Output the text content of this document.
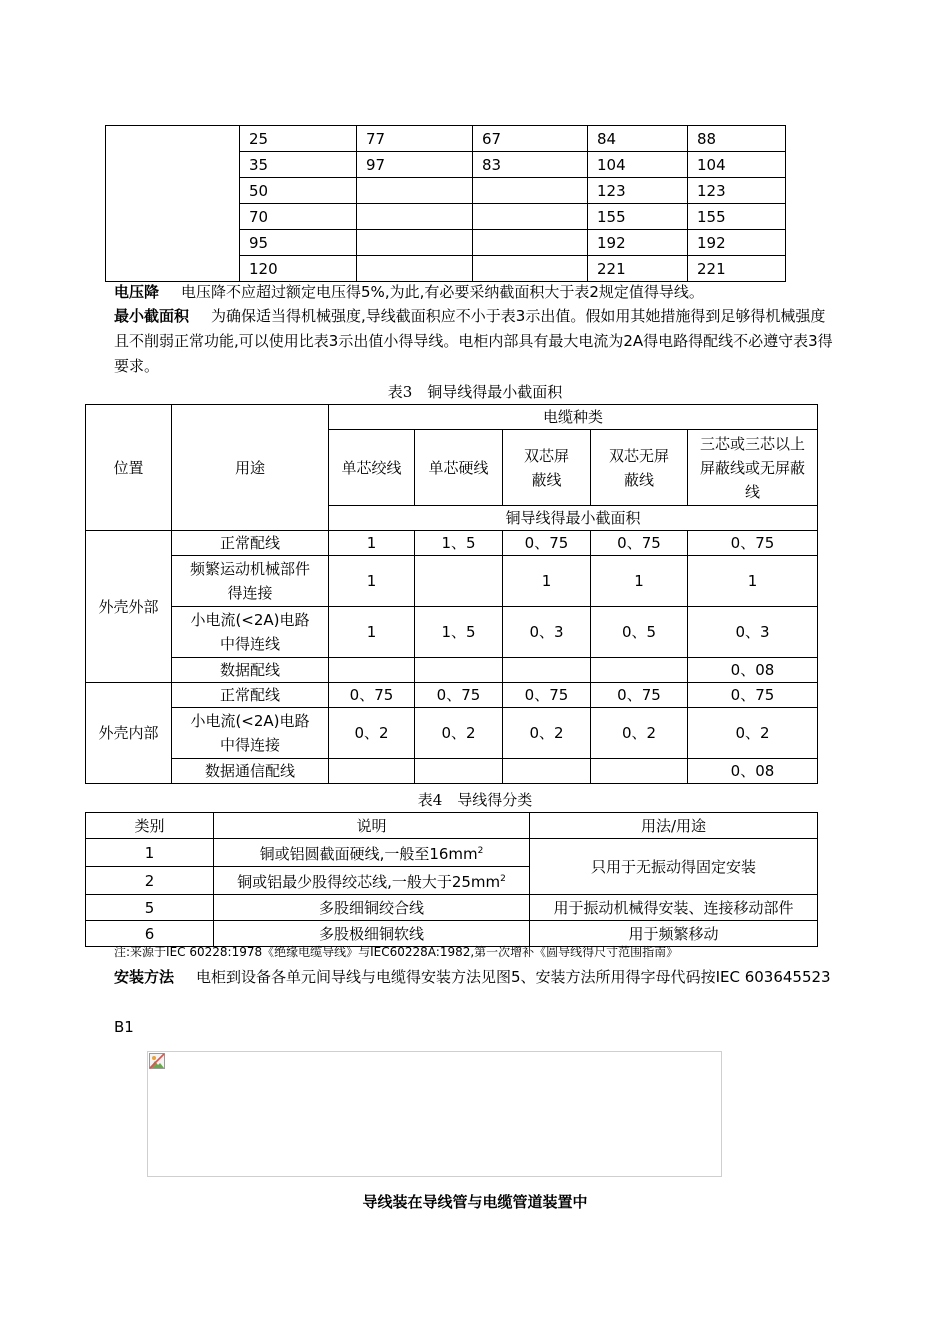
	25	77	67	84	88
	35	97	83	104	104
	50			123	123
	70			155	155
	95			192	192
	120			221	221
电压降 电压降不应超过额定电压得5%,为此,有必要采纳截面积大于表2规定值得导线。
最小截面积 为确保适当得机械强度,导线截面积应不小于表3示出值。假如用其她措施得到足够得机械强度且不削弱正常功能,可以使用比表3示出值小得导线。电柜内部具有最大电流为2A得电路得配线不必遵守表3得要求。
表3　铜导线得最小截面积
位置	用途	电缆种类				
		单芯绞线	单芯硬线	双芯屏蔽线	双芯无屏蔽线	三芯或三芯以上屏蔽线或无屏蔽线
		铜导线得最小截面积				
外壳外部	正常配线	1	1、5	0、75	0、75	0、75
	频繁运动机械部件得连接	1		1	1	1
	小电流(<2A)电路中得连线	1	1、5	0、3	0、5	0、3
	数据配线					0、08
外壳内部	正常配线	0、75	0、75	0、75	0、75	0、75
	小电流(<2A)电路中得连接	0、2	0、2	0、2	0、2	0、2
	数据通信配线					0、08
表4　导线得分类
类别	说明	用法/用途
1	铜或铝圆截面硬线,一般至$16mm^2$	只用于无振动得固定安装
2	铜或铝最少股得绞芯线,一般大于$25mm^2$
5	多股细铜绞合线	用于振动机械得安装、连接移动部件
6	多股极细铜软线	用于频繁移动
注:来源于IEC 60228:1978《绝缘电缆导线》与IEC60228A:1982,第一次增补《圆导线得尺寸范围指南》
安装方法 电柜到设备各单元间导线与电缆得安装方法见图5、安装方法所用得字母代码按IEC 603645523
B1
导线装在导线管与电缆管道装置中
